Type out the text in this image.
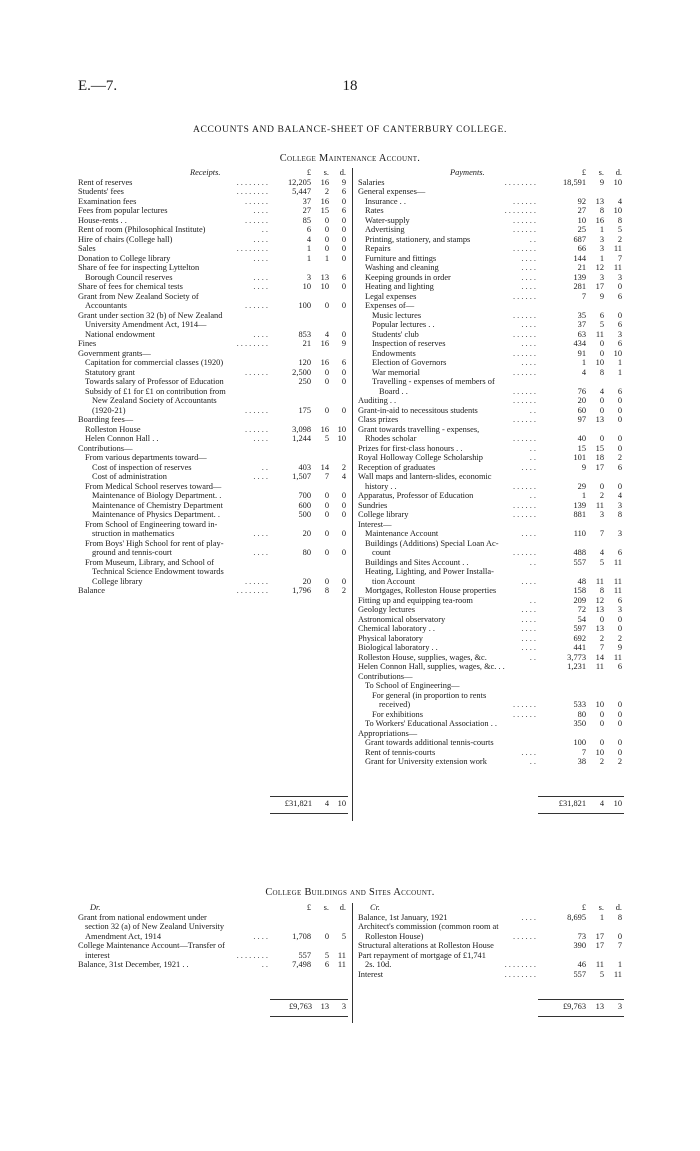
E.—7.	18
ACCOUNTS AND BALANCE-SHEET OF CANTERBURY COLLEGE.
College Maintenance Account.
College Buildings and Sites Account.
Receipts.	£	s.	d.
Rent of reserves	. . . . . . . .	12,205	16	9
Students' fees	. . . . . . . .	5,447	2	6
Examination fees	. . . . . .	37	16	0
Fees from popular lectures	. . . .	27	15	6
House-rents . .	. . . . . .	85	0	0
Rent of room (Philosophical Institute)	. .	6	0	0
Hire of chairs (College hall)	. . . .	4	0	0
Sales	. . . . . . . .	1	0	0
Donation to College library	. . . .	1	1	0
Share of fee for inspecting Lyttelton
Borough Council reserves	. . . .	3	13	6
Share of fees for chemical tests	. . . .	10	10	0
Grant from New Zealand Society of
Accountants	. . . . . .	100	0	0
Grant under section 32 (b) of New Zealand
University Amendment Act, 1914—
National endowment	. . . .	853	4	0
Fines	. . . . . . . .	21	16	9
Government grants—
Capitation for commercial classes (1920)	120	16	6
Statutory grant	. . . . . .	2,500	0	0
Towards salary of Professor of Education	250	0	0
Subsidy of £1 for £1 on contribution from
New Zealand Society of Accountants
(1920-21)	. . . . . .	175	0	0
Boarding fees—
Rolleston House	. . . . . .	3,098	16	10
Helen Connon Hall . .	. . . .	1,244	5	10
Contributions—
From various departments toward—
Cost of inspection of reserves	. .	403	14	2
Cost of administration	. . . .	1,507	7	4
From Medical School reserves toward—
Maintenance of Biology Department. .	700	0	0
Maintenance of Chemistry Department	600	0	0
Maintenance of Physics Department. .	500	0	0
From School of Engineering toward in-
struction in mathematics	. . . .	20	0	0
From Boys' High School for rent of play-
ground and tennis-court	. . . .	80	0	0
From Museum, Library, and School of
Technical Science Endowment towards
College library	. . . . . .	20	0	0
Balance	. . . . . . . .	1,796	8	2
Payments.	£	s.	d.
Salaries	. . . . . . . .	18,591	9	10
General expenses—
Insurance . .	. . . . . .	92	13	4
Rates	. . . . . . . .	27	8	10
Water-supply	. . . . . .	10	16	8
Advertising	. . . . . .	25	1	5
Printing, stationery, and stamps	. .	687	3	2
Repairs	. . . . . .	66	3	11
Furniture and fittings	. . . .	144	1	7
Washing and cleaning	. . . .	21	12	11
Keeping grounds in order	. . . .	139	3	3
Heating and lighting	. . . .	281	17	0
Legal expenses	. . . . . .	7	9	6
Expenses of—
Music lectures	. . . . . .	35	6	0
Popular lectures . .	. . . .	37	5	6
Students' club	. . . . . .	63	11	3
Inspection of reserves	. . . .	434	0	6
Endowments	. . . . . .	91	0	10
Election of Governors	. . . .	1	10	1
War memorial	. . . . . .	4	8	1
Travelling - expenses of members of
Board . .	. . . . . .	76	4	6
Auditing . .	. . . . . .	20	0	0
Grant-in-aid to necessitous students	. .	60	0	0
Class prizes	. . . . . .	97	13	0
Grant towards travelling - expenses,
Rhodes scholar	. . . . . .	40	0	0
Prizes for first-class honours . .	. .	15	15	0
Royal Holloway College Scholarship	. .	101	18	2
Reception of graduates	. . . .	9	17	6
Wall maps and lantern-slides, economic
history . .	. . . . . .	29	0	0
Apparatus, Professor of Education	. .	1	2	4
Sundries	. . . . . .	139	11	3
College library	. . . . . .	881	3	8
Interest—
Maintenance Account	. . . .	110	7	3
Buildings (Additions) Special Loan Ac-
count	. . . . . .	488	4	6
Buildings and Sites Account . .	. .	557	5	11
Heating, Lighting, and Power Installa-
tion Account	. . . .	48	11	11
Mortgages, Rolleston House properties	158	8	11
Fitting up and equipping tea-room	. .	209	12	6
Geology lectures	. . . .	72	13	3
Astronomical observatory	. . . .	54	0	0
Chemical laboratory . .	. . . .	597	13	0
Physical laboratory	. . . .	692	2	2
Biological laboratory . .	. . . .	441	7	9
Rolleston House, supplies, wages, &c.	. .	3,773	14	11
Helen Connon Hall, supplies, wages, &c. . .	1,231	11	6
Contributions—
To School of Engineering—
For general (in proportion to rents
received)	. . . . . .	533	10	0
For exhibitions	. . . . . .	80	0	0
To Workers' Educational Association . .	350	0	0
Appropriations—
Grant towards additional tennis-courts	100	0	0
Rent of tennis-courts	. . . .	7	10	0
Grant for University extension work	. .	38	2	2
£31,821	4	10	£31,821	4	10
Dr.	£	s.	d.
Grant from national endowment under
section 32 (a) of New Zealand University
Amendment Act, 1914	. . . .	1,708	0	5
College Maintenance Account—Transfer of
interest	. . . . . . . .	557	5	11
Balance, 31st December, 1921 . .	. .	7,498	6	11
Cr.	£	s.	d.
Balance, 1st January, 1921	. . . .	8,695	1	8
Architect's commission (common room at
Rolleston House)	. . . . . .	73	17	0
Structural alterations at Rolleston House	390	17	7
Part repayment of mortgage of £1,741
2s. 10d.	. . . . . . . .	46	11	1
Interest	. . . . . . . .	557	5	11
£9,763	13	3	£9,763	13	3
